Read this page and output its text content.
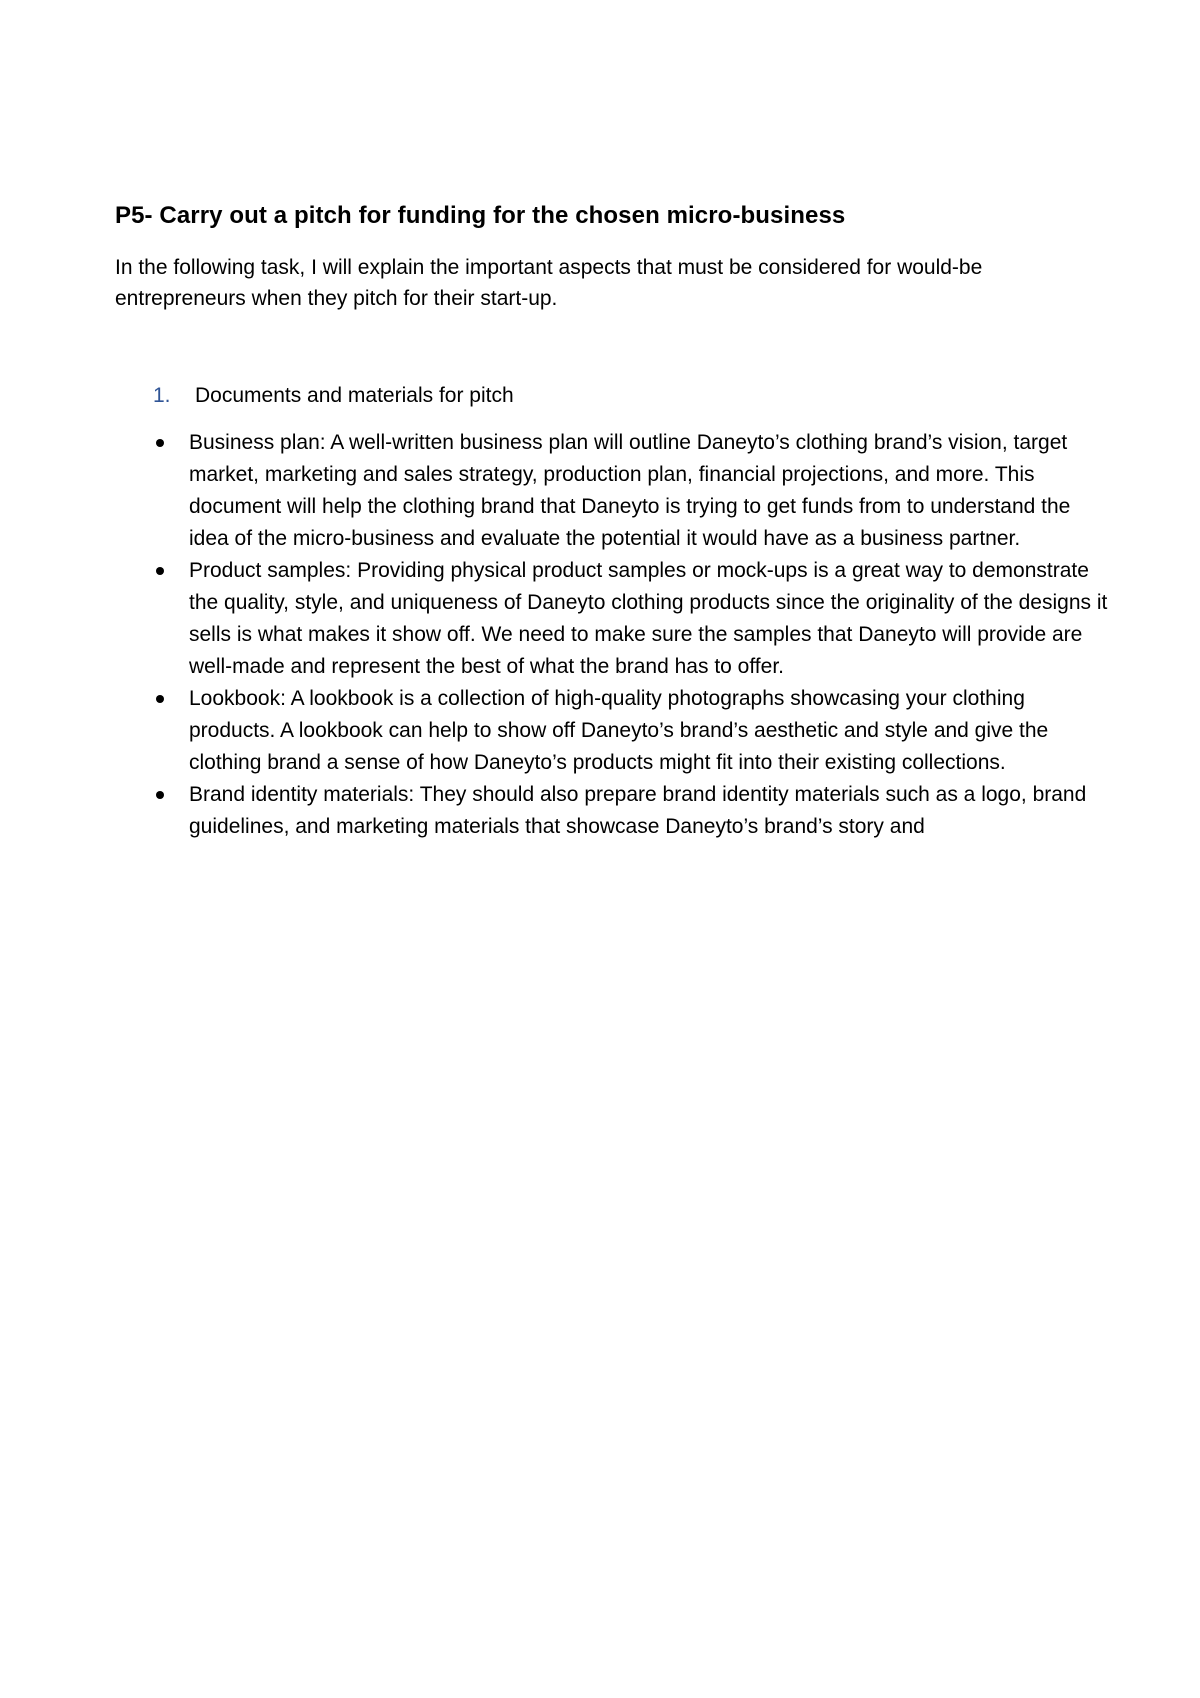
P5- Carry out a pitch for funding for the chosen micro-business

In the following task, I will explain the important aspects that must be considered for would-be entrepreneurs when they pitch for their start-up.

1.	Documents and materials for pitch
Business plan: A well-written business plan will outline Daneyto’s clothing brand’s vision, target market, marketing and sales strategy, production plan, financial projections, and more. This document will help the clothing brand that Daneyto is trying to get funds from to understand the idea of the micro-business and evaluate the potential it would have as a business partner.
Product samples: Providing physical product samples or mock-ups is a great way to demonstrate the quality, style, and uniqueness of Daneyto clothing products since the originality of the designs it sells is what makes it show off. We need to make sure the samples that Daneyto will provide are well-made and represent the best of what the brand has to offer.
Lookbook: A lookbook is a collection of high-quality photographs showcasing your clothing products. A lookbook can help to show off Daneyto’s brand’s aesthetic and style and give the clothing brand a sense of how Daneyto’s products might fit into their existing collections.
Brand identity materials: They should also prepare brand identity materials such as a logo, brand guidelines, and marketing materials that showcase Daneyto’s brand’s story and
